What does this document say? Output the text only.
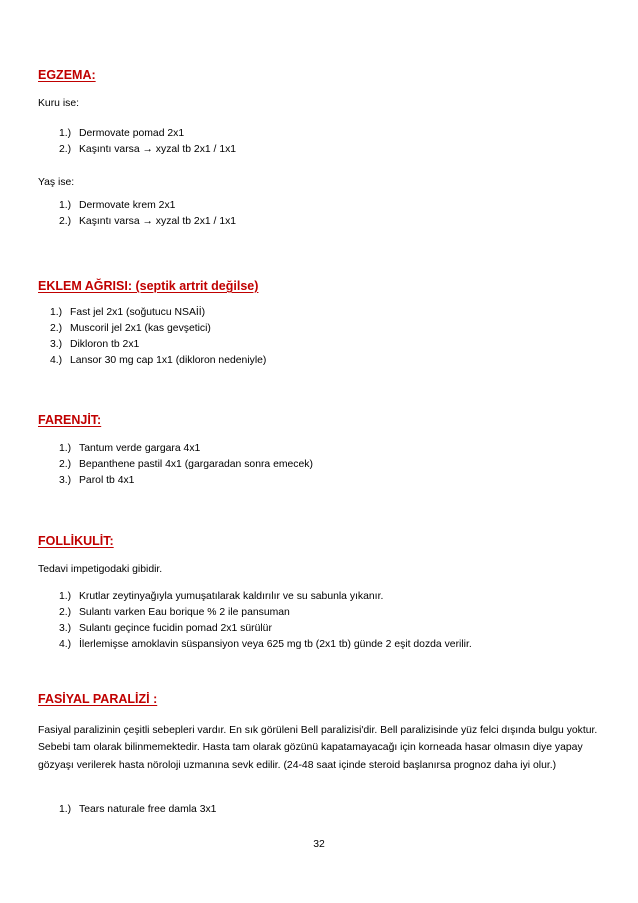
EGZEMA:
Kuru ise:
1.) Dermovate pomad 2x1
2.) Kaşıntı varsa → xyzal tb 2x1 / 1x1
Yaş ise:
1.) Dermovate krem 2x1
2.) Kaşıntı varsa → xyzal tb 2x1 / 1x1
EKLEM AĞRISI: (septik artrit değilse)
1.) Fast jel 2x1 (soğutucu NSAİİ)
2.) Muscoril jel 2x1 (kas gevşetici)
3.) Dikloron tb 2x1
4.) Lansor 30 mg cap 1x1 (dikloron nedeniyle)
FARENJİT:
1.) Tantum verde gargara 4x1
2.) Bepanthene pastil 4x1 (gargaradan sonra emecek)
3.) Parol tb 4x1
FOLLİKULİT:
Tedavi impetigodaki gibidir.
1.) Krutlar zeytinyağıyla yumuşatılarak kaldırılır ve su sabunla yıkanır.
2.) Sulantı varken Eau borique % 2 ile pansuman
3.) Sulantı geçince fucidin pomad 2x1 sürülür
4.) İlerlemişse amoklavin süspansiyon veya 625 mg tb (2x1 tb) günde 2 eşit dozda verilir.
FASİYAL PARALİZİ :

Fasiyal paralizinin çeşitli sebepleri vardır. En sık görüleni Bell paralizisi'dir. Bell paralizisinde yüz felci dışında bulgu yoktur. Sebebi tam olarak bilinmemektedir. Hasta tam olarak gözünü kapatamayacağı için korneada hasar olmasın diye yapay gözyaşı verilerek hasta nöroloji uzmanına sevk edilir. (24-48 saat içinde steroid başlanırsa prognoz daha iyi olur.)

1.) Tears naturale free damla 3x1
32
